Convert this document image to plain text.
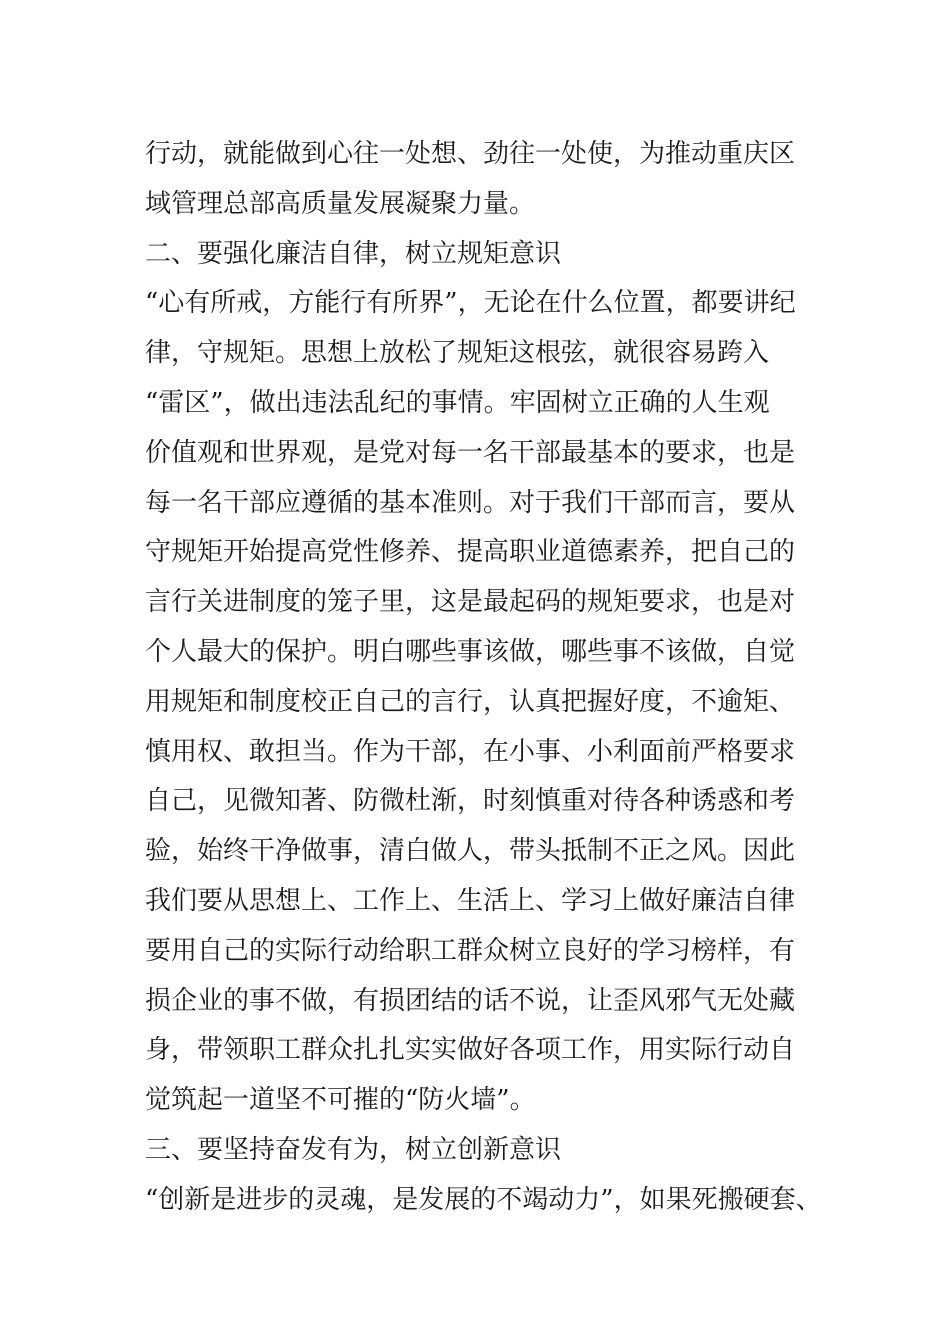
行动，就能做到心往一处想、劲往一处使，为推动重庆区
域管理总部高质量发展凝聚力量。
二、要强化廉洁自律，树立规矩意识
“心有所戒，方能行有所界”，无论在什么位置，都要讲纪
律，守规矩。思想上放松了规矩这根弦，就很容易跨入
“雷区”，做出违法乱纪的事情。牢固树立正确的人生观
价值观和世界观，是党对每一名干部最基本的要求，也是
每一名干部应遵循的基本准则。对于我们干部而言，要从
守规矩开始提高党性修养、提高职业道德素养，把自己的
言行关进制度的笼子里，这是最起码的规矩要求，也是对
个人最大的保护。明白哪些事该做，哪些事不该做，自觉
用规矩和制度校正自己的言行，认真把握好度，不逾矩、
慎用权、敢担当。作为干部，在小事、小利面前严格要求
自己，见微知著、防微杜渐，时刻慎重对待各种诱惑和考
验，始终干净做事，清白做人，带头抵制不正之风。因此
我们要从思想上、工作上、生活上、学习上做好廉洁自律
要用自己的实际行动给职工群众树立良好的学习榜样，有
损企业的事不做，有损团结的话不说，让歪风邪气无处藏
身，带领职工群众扎扎实实做好各项工作，用实际行动自
觉筑起一道坚不可摧的“防火墙”。
三、要坚持奋发有为，树立创新意识
“创新是进步的灵魂，是发展的不竭动力”，如果死搬硬套、
